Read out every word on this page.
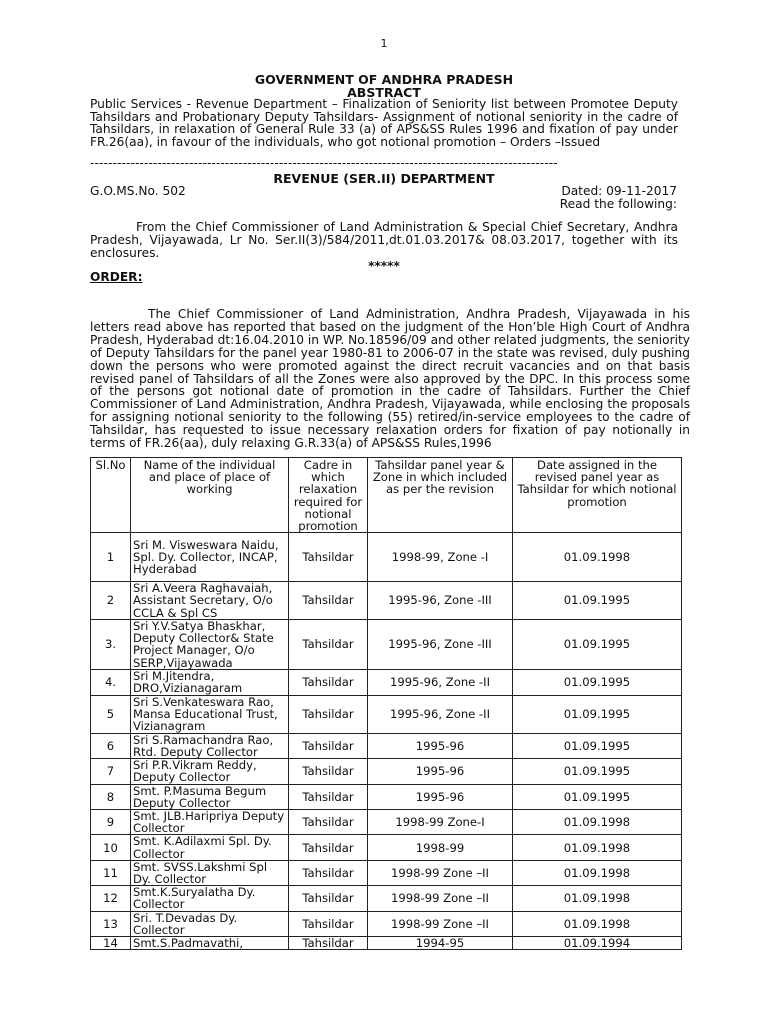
1
GOVERNMENT OF ANDHRA PRADESH
ABSTRACT
Public Services - Revenue Department – Finalization of Seniority list between Promotee Deputy Tahsildars and Probationary Deputy Tahsildars- Assignment of notional seniority in the cadre of Tahsildars, in relaxation of General Rule 33 (a) of APS&SS Rules 1996 and fixation of pay under FR.26(aa), in favour of the individuals, who got notional promotion – Orders –Issued
--------------------------------------------------------------------------------------------------------
REVENUE (SER.II) DEPARTMENT
G.O.MS.No. 502	Dated: 09-11-2017
Read the following:
From the Chief Commissioner of Land Administration & Special Chief Secretary, Andhra Pradesh, Vijayawada, Lr No. Ser.II(3)/584/2011,dt.01.03.2017& 08.03.2017, together with its enclosures.
*****
ORDER:
The Chief Commissioner of Land Administration, Andhra Pradesh, Vijayawada in his letters read above has reported that based on the judgment of the Hon’ble High Court of Andhra Pradesh, Hyderabad dt:16.04.2010 in WP. No.18596/09 and other related judgments, the seniority of Deputy Tahsildars for the panel year 1980-81 to 2006-07 in the state was revised, duly pushing down the persons who were promoted against the direct recruit vacancies and on that basis revised panel of Tahsildars of all the Zones were also approved by the DPC. In this process some of the persons got notional date of promotion in the cadre of Tahsildars. Further the Chief Commissioner of Land Administration, Andhra Pradesh, Vijayawada, while enclosing the proposals for assigning notional seniority to the following (55) retired/in-service employees to the cadre of Tahsildar, has requested to issue necessary relaxation orders for fixation of pay notionally in terms of FR.26(aa), duly relaxing G.R.33(a) of APS&SS Rules,1996
Sl.No	Name of the individual and place of place of working	Cadre in which relaxation required for notional promotion	Tahsildar panel year & Zone in which included as per the revision	Date assigned in the revised panel year as Tahsildar for which notional promotion
1	Sri M. Visweswara Naidu, Spl. Dy. Collector, INCAP, Hyderabad	Tahsildar	1998-99, Zone -I	01.09.1998
2	Sri A.Veera Raghavaiah, Assistant Secretary, O/o CCLA & Spl CS	Tahsildar	1995-96, Zone -III	01.09.1995
3.	Sri Y.V.Satya Bhaskhar, Deputy Collector& State Project Manager, O/o SERP,Vijayawada	Tahsildar	1995-96, Zone -III	01.09.1995
4.	Sri M.Jitendra, DRO,Vizianagaram	Tahsildar	1995-96, Zone -II	01.09.1995
5	Sri S.Venkateswara Rao, Mansa Educational Trust, Vizianagram	Tahsildar	1995-96, Zone -II	01.09.1995
6	Sri S.Ramachandra Rao, Rtd. Deputy Collector	Tahsildar	1995-96	01.09.1995
7	Sri P.R.Vikram Reddy, Deputy Collector	Tahsildar	1995-96	01.09.1995
8	Smt. P.Masuma Begum Deputy Collector	Tahsildar	1995-96	01.09.1995
9	Smt. JLB.Haripriya Deputy Collector	Tahsildar	1998-99 Zone-I	01.09.1998
10	Smt. K.Adilaxmi Spl. Dy. Collector	Tahsildar	1998-99	01.09.1998
11	Smt. SVSS.Lakshmi Spl Dy. Collector	Tahsildar	1998-99 Zone –II	01.09.1998
12	Smt.K.Suryalatha Dy. Collector	Tahsildar	1998-99 Zone –II	01.09.1998
13	Sri. T.Devadas Dy. Collector	Tahsildar	1998-99 Zone –II	01.09.1998
14	Smt.S.Padmavathi,	Tahsildar	1994-95	01.09.1994
